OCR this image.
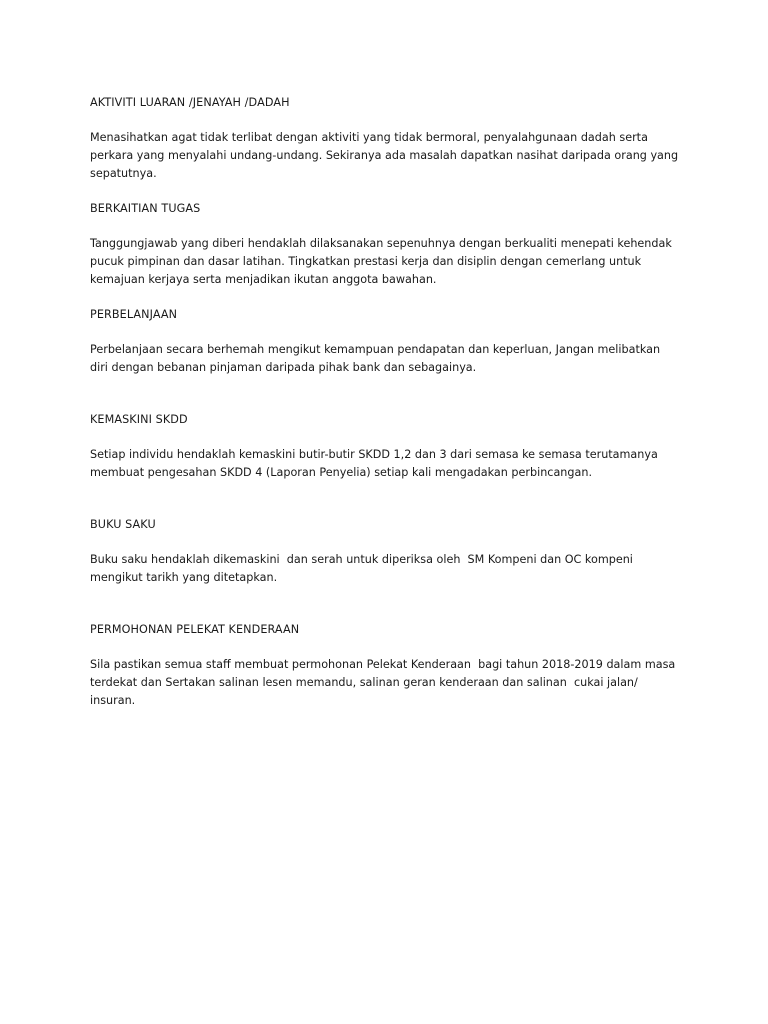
AKTIVITI LUARAN /JENAYAH /DADAH
Menasihatkan agat tidak terlibat dengan aktiviti yang tidak bermoral, penyalahgunaan dadah serta
perkara yang menyalahi undang-undang. Sekiranya ada masalah dapatkan nasihat daripada orang yang
sepatutnya.
BERKAITIAN TUGAS
Tanggungjawab yang diberi hendaklah dilaksanakan sepenuhnya dengan berkualiti menepati kehendak
pucuk pimpinan dan dasar latihan. Tingkatkan prestasi kerja dan disiplin dengan cemerlang untuk
kemajuan kerjaya serta menjadikan ikutan anggota bawahan.
PERBELANJAAN
Perbelanjaan secara berhemah mengikut kemampuan pendapatan dan keperluan, Jangan melibatkan
diri dengan bebanan pinjaman daripada pihak bank dan sebagainya.
KEMASKINI SKDD
Setiap individu hendaklah kemaskini butir-butir SKDD 1,2 dan 3 dari semasa ke semasa terutamanya
membuat pengesahan SKDD 4 (Laporan Penyelia) setiap kali mengadakan perbincangan.
BUKU SAKU
Buku saku hendaklah dikemaskini  dan serah untuk diperiksa oleh  SM Kompeni dan OC kompeni
mengikut tarikh yang ditetapkan.
PERMOHONAN PELEKAT KENDERAAN
Sila pastikan semua staff membuat permohonan Pelekat Kenderaan  bagi tahun 2018-2019 dalam masa
terdekat dan Sertakan salinan lesen memandu, salinan geran kenderaan dan salinan  cukai jalan/
insuran.
